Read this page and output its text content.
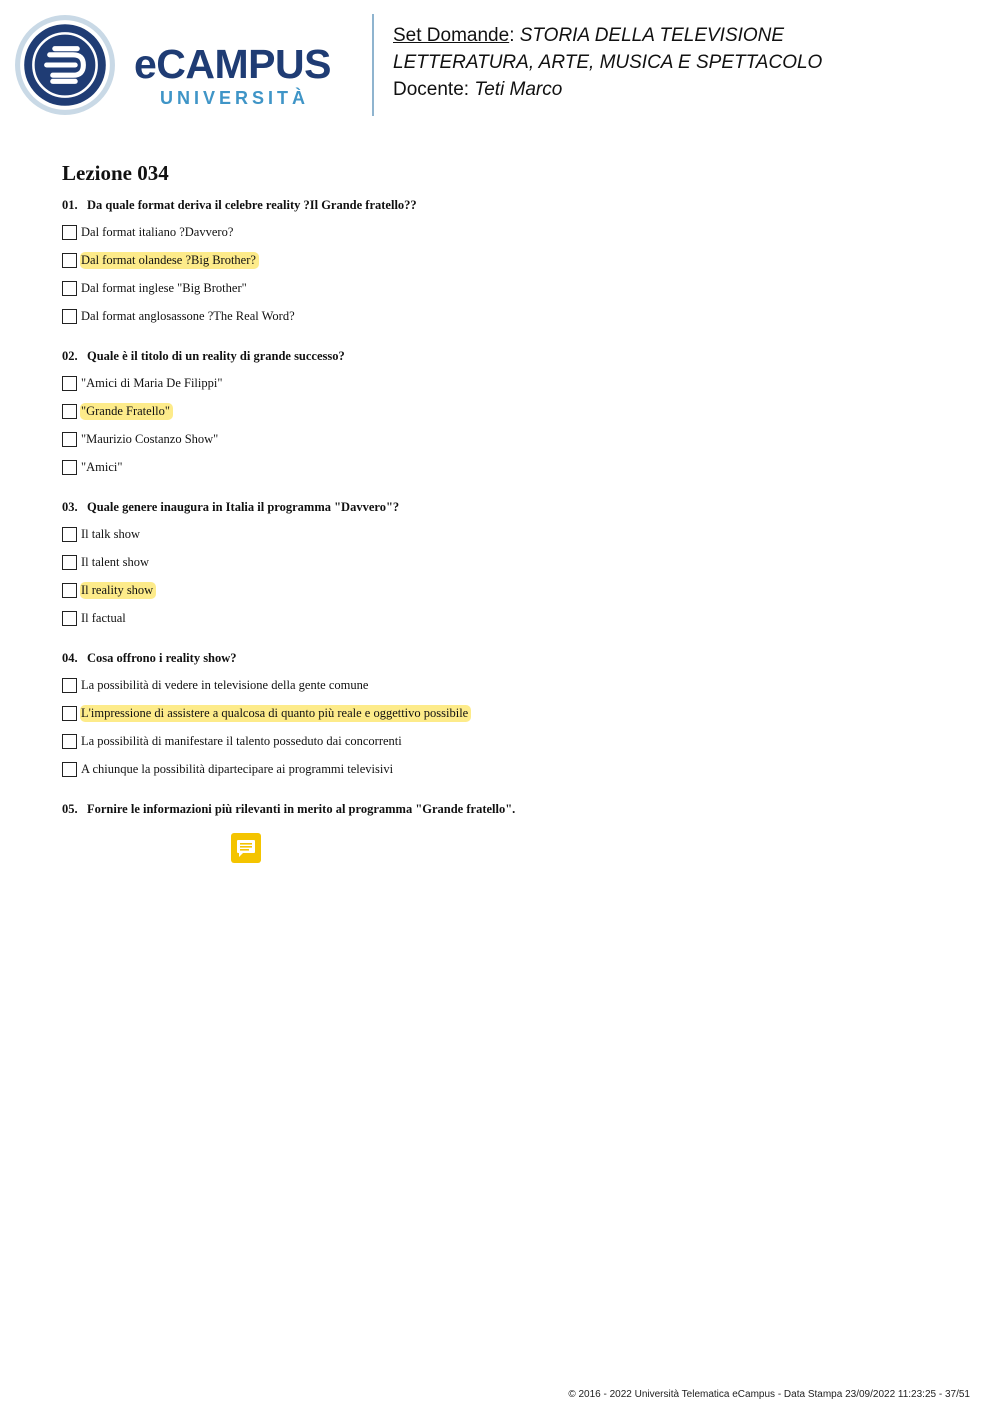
eCAMPUS
UNIVERSITÀ
Set Domande: STORIA DELLA TELEVISIONE
LETTERATURA, ARTE, MUSICA E SPETTACOLO
Docente: Teti Marco
Lezione 034

01. Da quale format deriva il celebre reality ?Il Grande fratello??

Dal format italiano ?Davvero?
Dal format olandese ?Big Brother?
Dal format inglese "Big Brother"
Dal format anglosassone ?The Real Word?

02. Quale è il titolo di un reality di grande successo?

"Amici di Maria De Filippi"
"Grande Fratello"
"Maurizio Costanzo Show"
"Amici"

03. Quale genere inaugura in Italia il programma "Davvero"?

Il talk show
Il talent show
Il reality show
Il factual

04. Cosa offrono i reality show?

La possibilità di vedere in televisione della gente comune
L'impressione di assistere a qualcosa di quanto più reale e oggettivo possibile
La possibilità di manifestare il talento posseduto dai concorrenti
A chiunque la possibilità dipartecipare ai programmi televisivi

05. Fornire le informazioni più rilevanti in merito al programma "Grande fratello".

© 2016 - 2022 Università Telematica eCampus - Data Stampa 23/09/2022 11:23:25 - 37/51
